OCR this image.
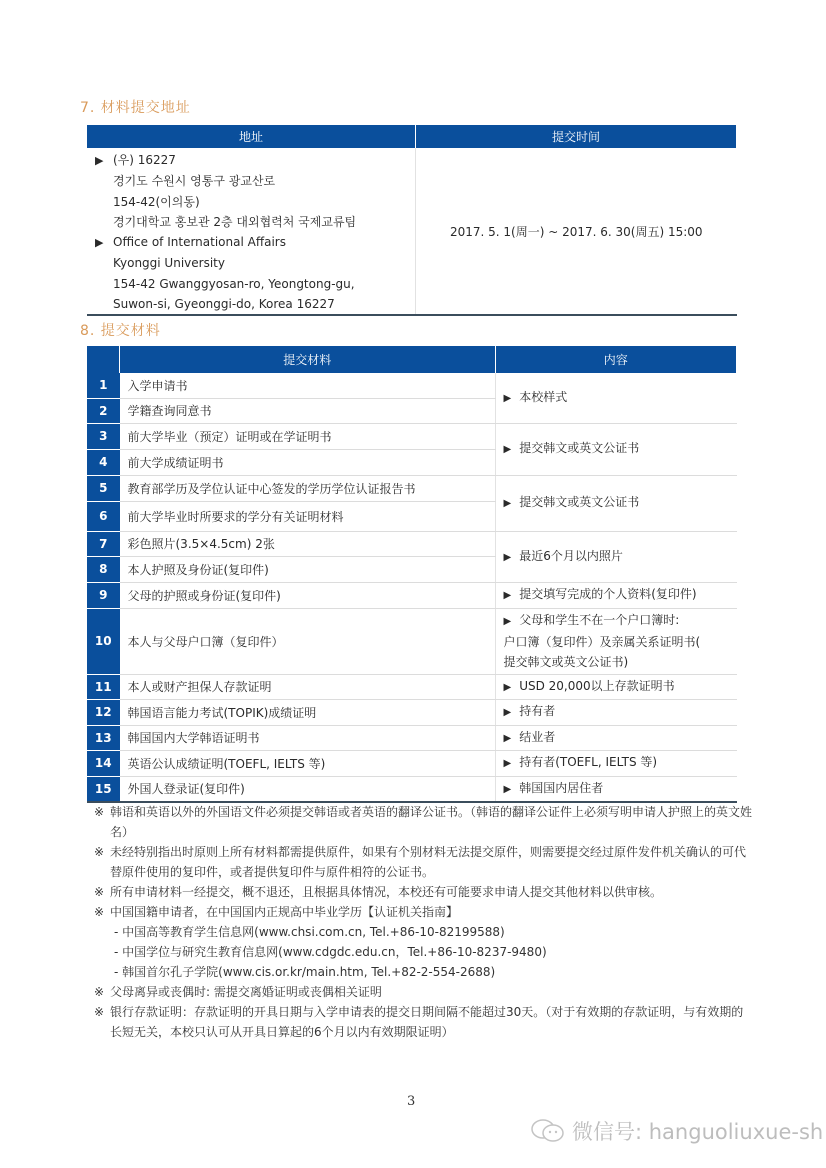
7. 材料提交地址
地址	提交时间

▶ (우) 16227
경기도 수원시 영통구 광교산로
154-42(이의동)
경기대학교 홍보관 2층 대외협력처 국제교류팀
▶ Office of International Affairs
Kyonggi University
154-42 Gwanggyosan-ro, Yeongtong-gu,
Suwon-si, Gyeonggi-do, Korea 16227
	2017. 5. 1(周一) ~ 2017. 6. 30(周五) 15:00
8. 提交材料
	提交材料	内容
1	入学申请书	▶ 本校样式
2	学籍查询同意书	
3	前大学毕业（预定）证明或在学证明书	▶ 提交韩文或英文公证书
4	前大学成绩证明书	
5	教育部学历及学位认证中心签发的学历学位认证报告书	▶ 提交韩文或英文公证书
6	前大学毕业时所要求的学分有关证明材料	
7	彩色照片(3.5×4.5cm) 2张	▶ 最近6个月以内照片
8	本人护照及身份证(复印件)	
9	父母的护照或身份证(复印件)	▶ 提交填写完成的个人资料(复印件)
10	本人与父母户口簿（复印件）	▶ 父母和学生不在一个户口簿时:
户口簿（复印件）及亲属关系证明书(
提交韩文或英文公证书)

11	本人或财产担保人存款证明	▶ USD 20,000以上存款证明书
12	韩国语言能力考试(TOPIK)成绩证明	▶ 持有者
13	韩国国内大学韩语证明书	▶ 结业者
14	英语公认成绩证明(TOEFL, IELTS 等)	▶ 持有者(TOEFL, IELTS 等)
15	外国人登录证(复印件)	▶ 韩国国内居住者
※ 韩语和英语以外的外国语文件必须提交韩语或者英语的翻译公证书。（韩语的翻译公证件上必须写明申请人护照上的英文姓名）
※ 未经特别指出时原则上所有材料都需提供原件，如果有个别材料无法提交原件，则需要提交经过原件发件机关确认的可代替原件使用的复印件，或者提供复印件与原件相符的公证书。
※ 所有申请材料一经提交，概不退还，且根据具体情况，本校还有可能要求申请人提交其他材料以供审核。
※ 中国国籍申请者，在中国国内正规高中毕业学历【认证机关指南】
- 中国高等教育学生信息网(www.chsi.com.cn, Tel.+86-10-82199588)
- 中国学位与研究生教育信息网(www.cdgdc.edu.cn，Tel.+86-10-8237-9480)
- 韩国首尔孔子学院(www.cis.or.kr/main.htm, Tel.+82-2-554-2688)
※ 父母离异或丧偶时: 需提交离婚证明或丧偶相关证明
※ 银行存款证明：存款证明的开具日期与入学申请表的提交日期间隔不能超过30天。（对于有效期的存款证明，与有效期的长短无关，本校只认可从开具日算起的6个月以内有效期限证明）
3
微信号: hanguoliuxue-sh
